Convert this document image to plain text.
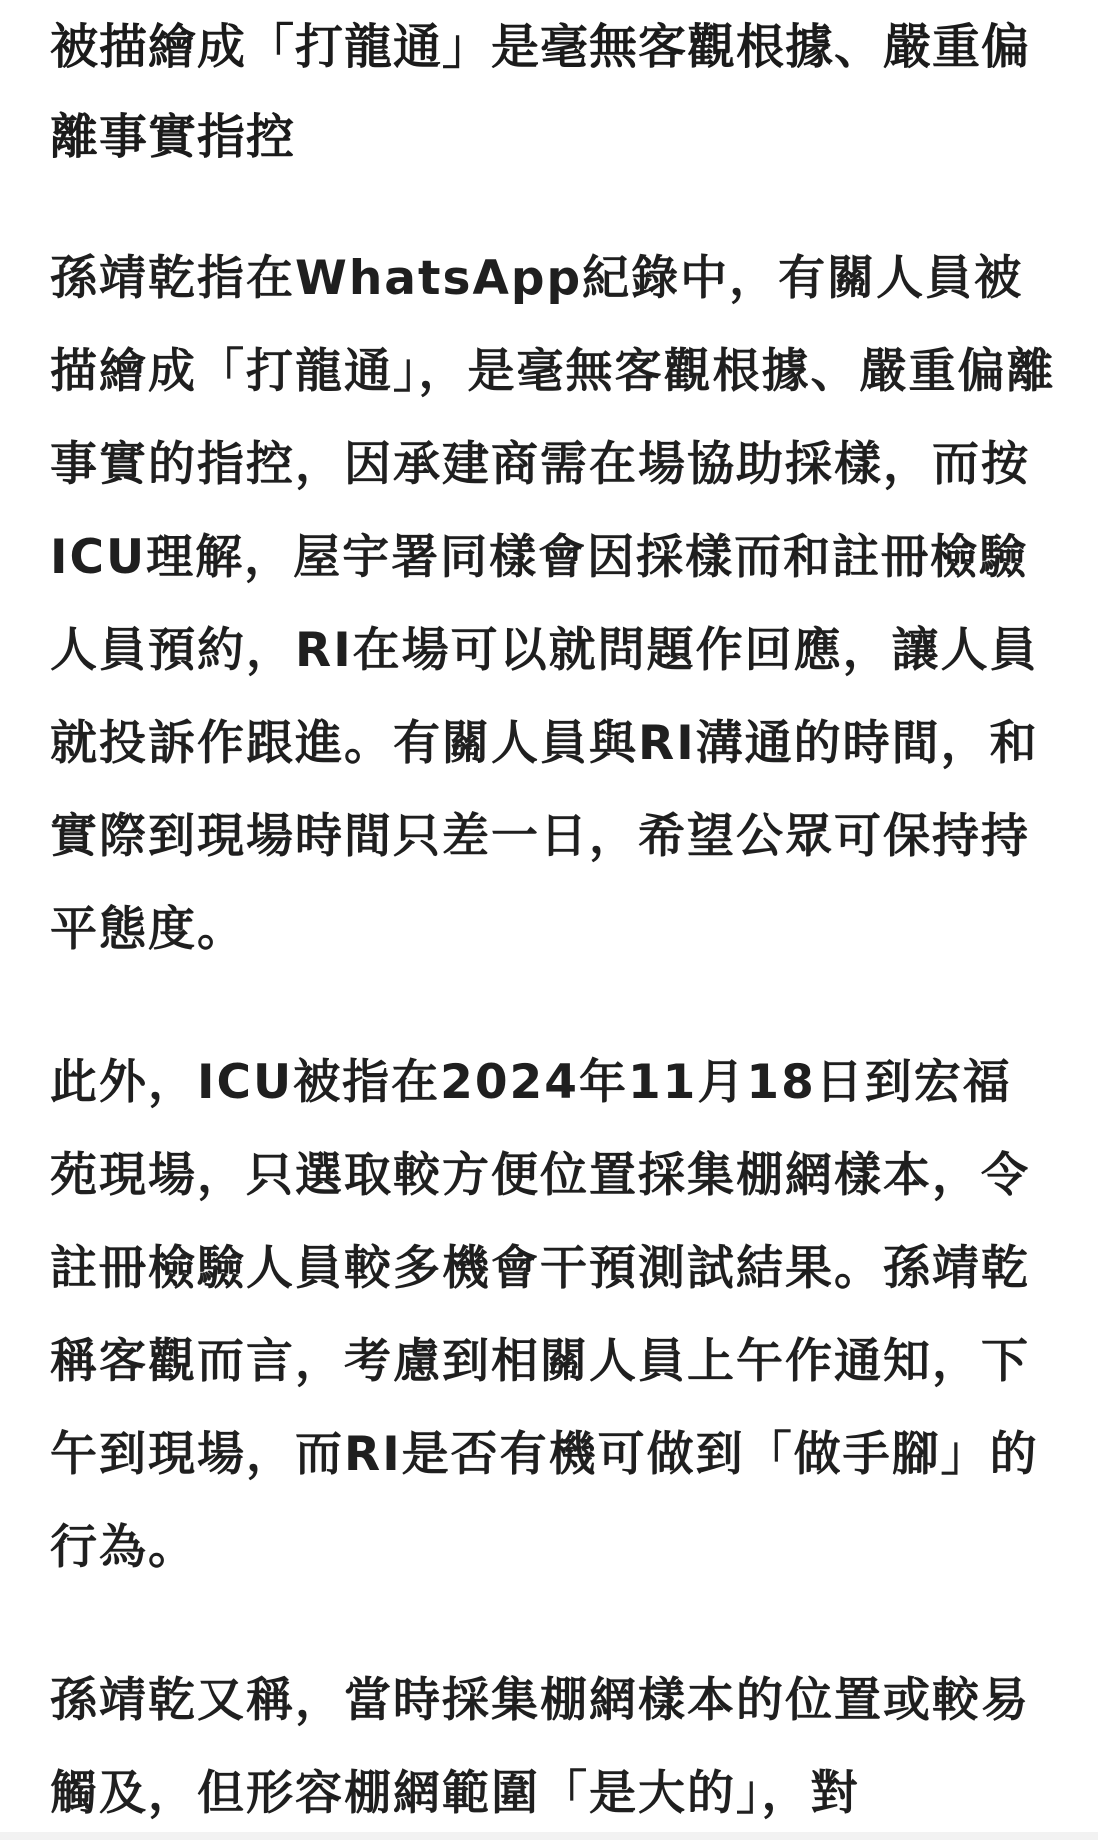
被描繪成「打龍通」是毫無客觀根據、嚴重偏離事實指控

孫靖乾指在WhatsApp紀錄中，有關人員被描繪成「打龍通」，是毫無客觀根據、嚴重偏離事實的指控，因承建商需在場協助採樣，而按ICU理解，屋宇署同樣會因採樣而和註冊檢驗人員預約，RI在場可以就問題作回應，讓人員就投訴作跟進。有關人員與RI溝通的時間，和實際到現場時間只差一日，希望公眾可保持持平態度。

此外，ICU被指在2024年11月18日到宏福苑現場，只選取較方便位置採集棚網樣本，令註冊檢驗人員較多機會干預測試結果。孫靖乾稱客觀而言，考慮到相關人員上午作通知，下午到現場，而RI是否有機可做到「做手腳」的行為。

孫靖乾又稱，當時採集棚網樣本的位置或較易觸及，但形容棚網範圍「是大的」，對
